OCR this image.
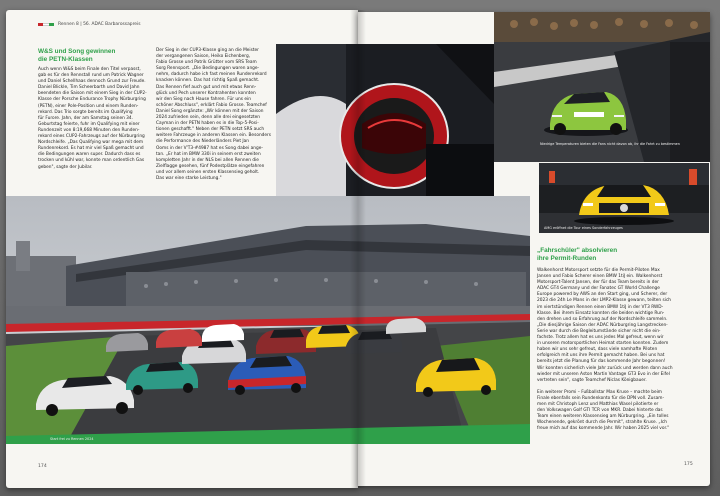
Rennen 8 | 56. ADAC Barbarossapreis
W&S und Song gewinnen
die PETN-Klassen
Auch wenn W&S beim Finale den Titel verpasst,
gab es für den Rennstall rund um Patrick Wagner
und Daniel Schellhaas dennoch Grund zur Freude.
Daniel Blickle, Tim Scheerbarth und David Jahn
beendeten die Saison mit einem Sieg in der CUP2-
Klasse der Porsche Endurance Trophy Nürburgring
(PETN), einer Pole-Position und einem Runden-
rekord. Das Trio sorgte bereits im Qualifying
für Furore. Jahn, der am Samstag seinen 34.
Geburtstag feierte, fuhr im Qualifying mit einer
Rundenzeit von 8:19,668 Minuten den Runden-
rekord eines CUP2-Fahrzeugs auf der Nürburgring
Nordschleife. „Das Qualifying war mega mit dem
Rundenrekord. Es hat mir viel Spaß gemacht und
die Bedingungen waren super. Dadurch dass es
trocken und kühl war, konnte man ordentlich Gas
geben", sagte der Jubilar.
Der Sieg in der CUP3-Klasse ging an die Meister
der vergangenen Saison, Heiko Eichenberg,
Fabio Grosse und Patrik Grütter vom SRS Team
Sorg Rennsport. „Die Bedingungen waren ange-
nehm, dadurch habe ich fast meinen Rundenrekord
knacken können. Das hat richtig Spaß gemacht.
Das Rennen fief auch gut und mit etwas Renn-
glück und Pech unserer Kontrahenten konnten
wir den Sieg nach Hause fahren. Für uns ein
schöner Abschluss", erklärt Fabio Grosse. Teamchef
Daniel Song ergänzte: „Wir können mit der Saison
2024 zufrieden sein, denn alle drei eingesetzten
Cayman in der PETN haben es in die Top-5-Posi-
tionen geschafft." Neben der PETN setzt SRS auch
weitere Fahrzeuge in anderen Klassen ein. Besonders
die Performance des Niederländers Piet Jan
Ooms in der V'T3-#4987 hat es Song dabei ange-
tan. „Er hat im BMW 330i in seinem erst zweiten
kompletten Jahr in der NLS bei allen Rennen die
Zielflagge gesehen, fünf Podestplätze eingefahren
und vor allem seinen ersten Klassensieg geholt.
Das war eine starke Leistung."
Niedrige Temperaturen bieten die Fans nicht davon ab, ihr die Fahrt zu bestimmen
AMG eröffnet die Tour eines Sonderfahrzeuges
Start frei zu Rennen 2024
„Fahrschüler" absolvieren
ihre Permit-Runden
Walkenhorst Motorsport setzte für die Permit-Piloten Max
Jansen und Fabio Scherer einen BMW 1tiJ ein. Walkenhorst
Motorsport-Talent Jansen, der für das Team bereits in der
ADAC GT4 Germany und der Fanatec GT World Challenge
Europe powered by AWS an den Start ging, und Scherer, der
2023 die 24h Le Mans in der LMP2-Klasse gewann, teilten sich
im viertstündigen Rennen einen BMW 1tiJ in der VT3 RWD-
Klasse. Bei ihrem Einsatz konnten die beiden wichtige Run-
den drehen und so Erfahrung auf der Nordschleife sammeln.
„Die diesjährige Saison der ADAC Nürburgring Langstrecken-
Serie war durch die Begleitumstände sicher nicht die ein-
fachste. Trotz allem hat es uns jedes Mal gefreut, wenn wir
in unseren motorsportlichen Heimat starten konnten. Zudem
haben wir uns sehr gefreut, dass viele namhafte Piloten
erfolgreich mit uns ihre Permit gemacht haben. Bei uns hat
bereits jetzt die Planung für das kommende Jahr begonnen!
Wir konnten sicherlich viele Jahr zurück und werden dann auch
wieder mit unseren Aston Martin Vantage GT3 Evo in der Eifel
vertreten sein", sagte Teamchef Niclas Königbauer.

Ein weiterer Promi – Fußballstar Max Kruse – machte beim
Finale ebenfalls sein Rundenkonto für die DPN voll. Zusam-
men mit Christoph Lenz und Matthias Wasel pilotierte er
den Volkswagen Golf GTI TCR von MKR. Dabei hinterte das
Team einen weiteren Klassensieg am Nürburgring. „Ein tolles
Wochenende, gekrönt durch die Permit", strahlte Kruse. „Ich
freue mich auf das kommende Jahr. Wir haben 2025 viel vor."
174	175
